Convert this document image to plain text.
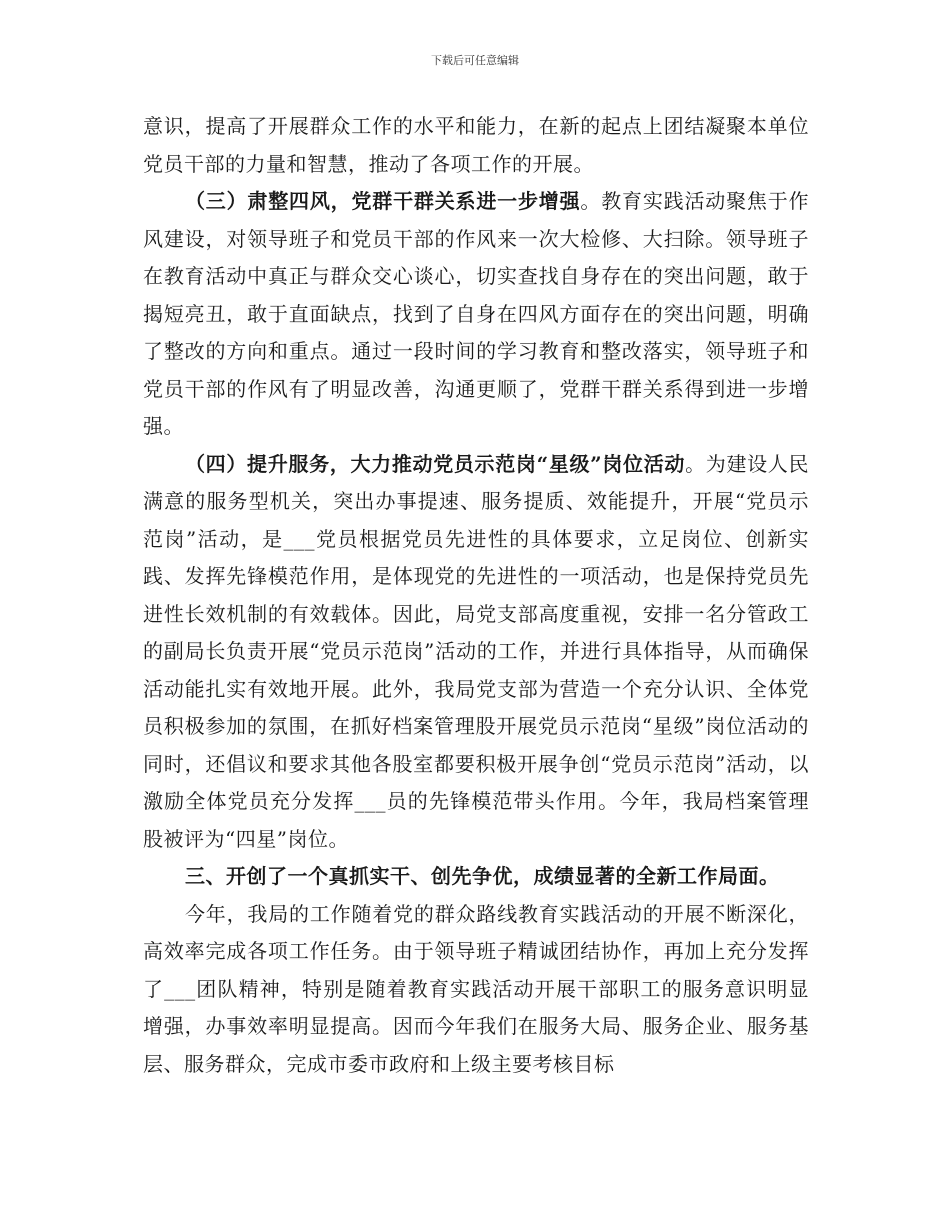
下载后可任意编辑

意识，提高了开展群众工作的水平和能力，在新的起点上团结凝聚本单位党员干部的力量和智慧，推动了各项工作的开展。

（三）肃整四风，党群干群关系进一步增强。教育实践活动聚焦于作风建设，对领导班子和党员干部的作风来一次大检修、大扫除。领导班子在教育活动中真正与群众交心谈心，切实查找自身存在的突出问题，敢于揭短亮丑，敢于直面缺点，找到了自身在四风方面存在的突出问题，明确了整改的方向和重点。通过一段时间的学习教育和整改落实，领导班子和党员干部的作风有了明显改善，沟通更顺了，党群干群关系得到进一步增强。

（四）提升服务，大力推动党员示范岗“星级”岗位活动。为建设人民满意的服务型机关，突出办事提速、服务提质、效能提升，开展“党员示范岗”活动，是___党员根据党员先进性的具体要求，立足岗位、创新实践、发挥先锋模范作用，是体现党的先进性的一项活动，也是保持党员先进性长效机制的有效载体。因此，局党支部高度重视，安排一名分管政工的副局长负责开展“党员示范岗”活动的工作，并进行具体指导，从而确保活动能扎实有效地开展。此外，我局党支部为营造一个充分认识、全体党员积极参加的氛围，在抓好档案管理股开展党员示范岗“星级”岗位活动的同时，还倡议和要求其他各股室都要积极开展争创“党员示范岗”活动，以激励全体党员充分发挥___员的先锋模范带头作用。今年，我局档案管理股被评为“四星”岗位。

三、开创了一个真抓实干、创先争优，成绩显著的全新工作局面。

今年，我局的工作随着党的群众路线教育实践活动的开展不断深化，高效率完成各项工作任务。由于领导班子精诚团结协作，再加上充分发挥了___团队精神，特别是随着教育实践活动开展干部职工的服务意识明显增强，办事效率明显提高。因而今年我们在服务大局、服务企业、服务基层、服务群众，完成市委市政府和上级主要考核目标
